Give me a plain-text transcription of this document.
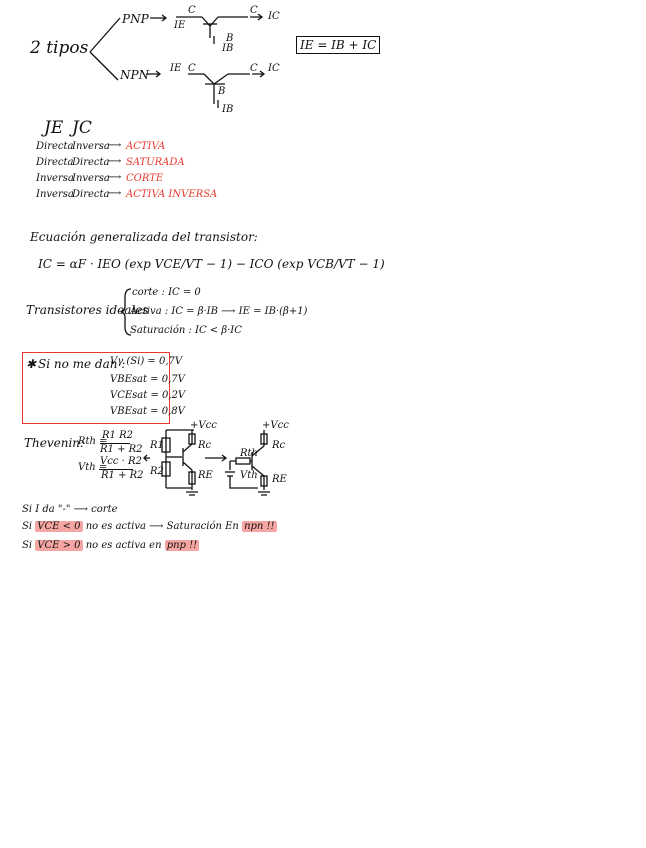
2 tipos
PNP
C
IE
C
IC
B
IB
NPN IE C	C IC
B
IB
IE = IB + IC
JE JC
Directa
Inversa
⟶ ACTIVA
Directa
Directa
⟶ SATURADA
Inversa
Inversa
⟶ CORTE
Inversa
Directa
⟶ ACTIVA INVERSA
Ecuación generalizada del transistor:
IC = αF · IEO (exp VCE/VT − 1) − ICO (exp VCB/VT − 1)
Transistores ideales
corte : IC = 0
Activa : IC = β·IB ⟶ IE = IB·(β+1)
Saturación : IC < β·IC
✱ Si no me dan :
Vγ (Si) = 0,7V
VBEsat = 0,7V
VCEsat = 0,2V
VBEsat = 0,8V
Thevenin:
Rth =
R1 R2
R1 + R2
Vth =
Vcc · R2
R1 + R2
+Vcc
Rc
R1
R2	RE
+Vcc
Rc
Rth
Vth RE
Si I da "-" ⟶ corte
Si VCE < 0 no es activa ⟶ Saturación En npn !!
Si VCE > 0 no es activa en pnp !!
